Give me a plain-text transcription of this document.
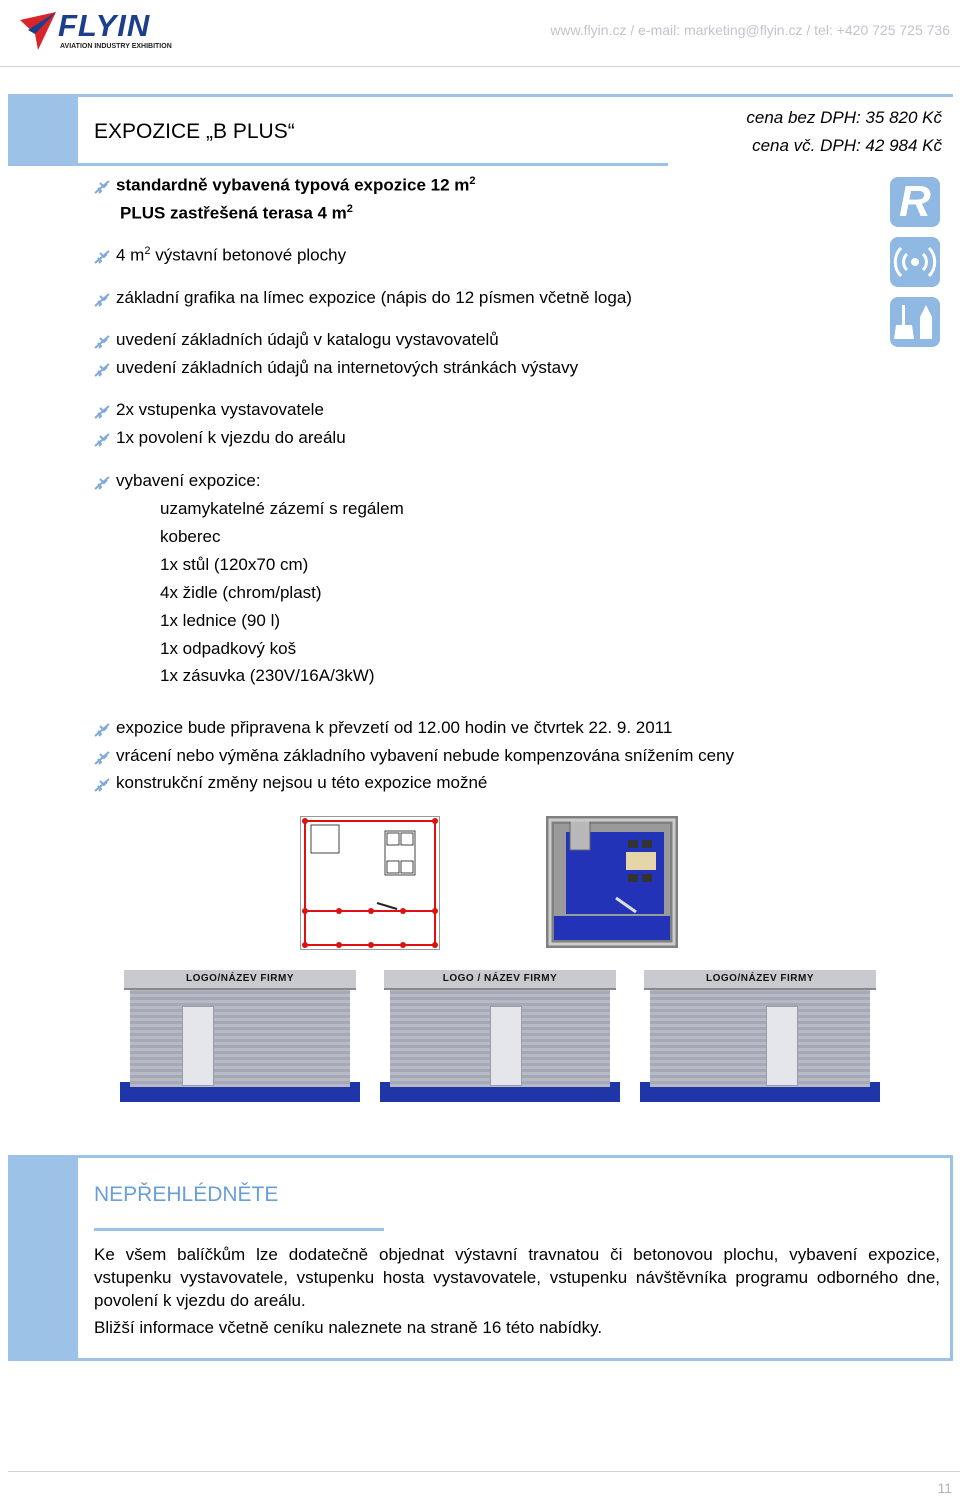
FLYIN
AVIATION INDUSTRY EXHIBITION
www.flyin.cz / e-mail: marketing@flyin.cz / tel: +420 725 725 736
EXPOZICE „B PLUS“
cena bez DPH: 35 820 Kč
cena vč. DPH: 42 984 Kč
R
standardně vybavená typová expozice 12 $m^2$
PLUS zastřešená terasa 4 $m^2$
4 $m^2$ výstavní betonové plochy
základní grafika na límec expozice (nápis do 12 písmen včetně loga)
uvedení základních údajů v katalogu vystavovatelů
uvedení základních údajů na internetových stránkách výstavy
2x vstupenka vystavovatele
1x povolení k vjezdu do areálu
vybavení expozice:
uzamykatelné zázemí s regálem
koberec
1x stůl (120x70 cm)
4x židle (chrom/plast)
1x lednice (90 l)
1x odpadkový koš
1x zásuvka (230V/16A/3kW)
expozice bude připravena k převzetí od 12.00 hodin ve čtvrtek 22. 9. 2011
vrácení nebo výměna základního vybavení nebude kompenzována snížením ceny
konstrukční změny nejsou u této expozice možné
LOGO/NÁZEV FIRMY	LOGO / NÁZEV FIRMY	LOGO/NÁZEV FIRMY
NEPŘEHLÉDNĚTE
Ke všem balíčkům lze dodatečně objednat výstavní travnatou či betonovou plochu, vybavení expozice, vstupenku vystavovatele, vstupenku hosta vystavovatele, vstupenku návštěvníka programu odborného dne, povolení k vjezdu do areálu.
Bližší informace včetně ceníku naleznete na straně 16 této nabídky.
11
